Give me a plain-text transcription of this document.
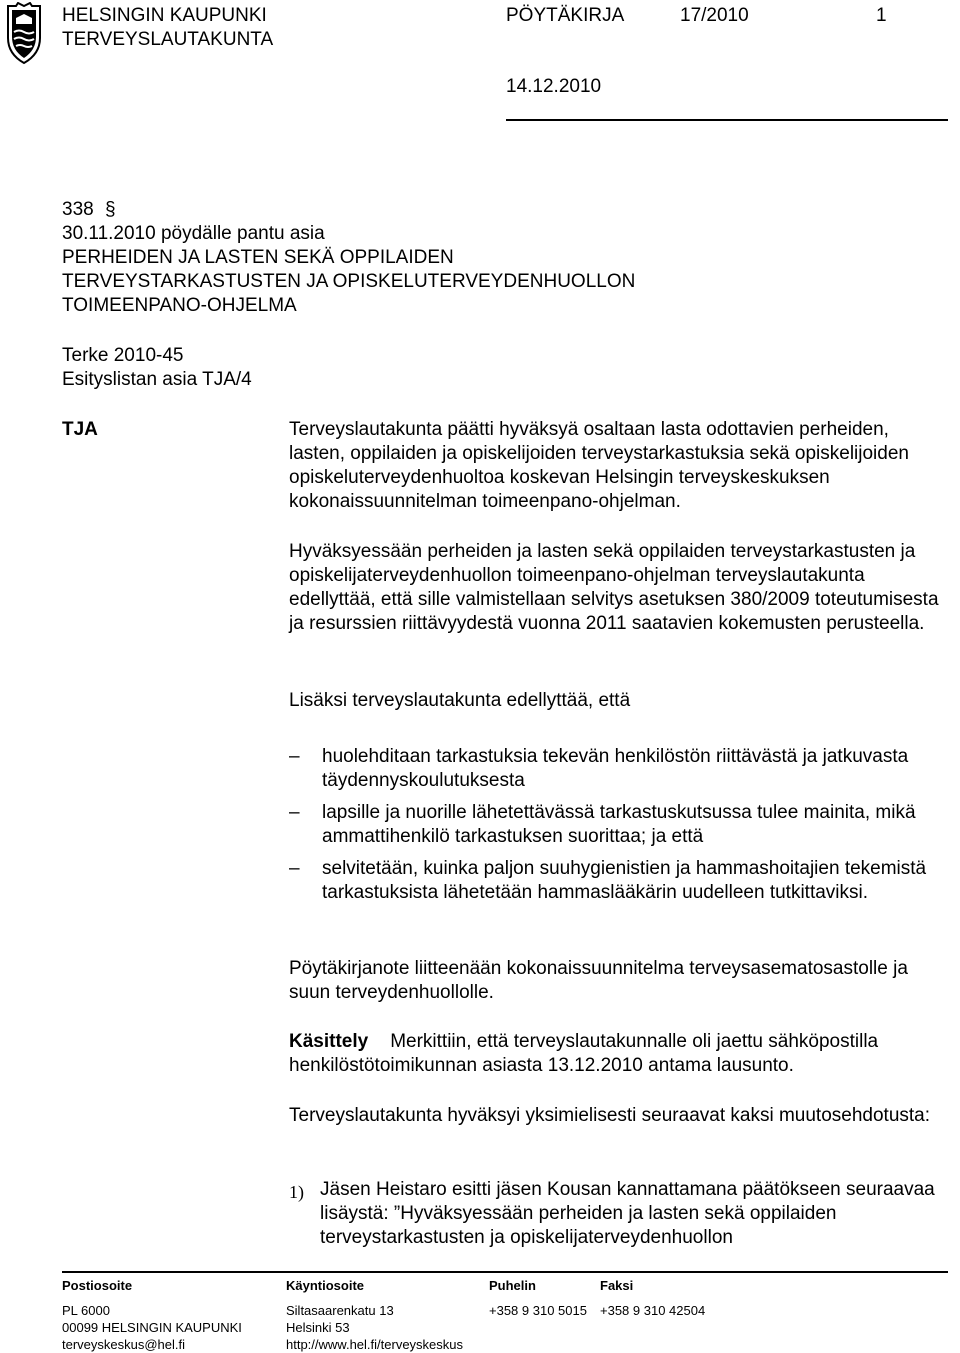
HELSINGIN KAUPUNKI
TERVEYSLAUTAKUNTA
PÖYTÄKIRJA	17/2010	1
14.12.2010
338 §
30.11.2010 pöydälle pantu asia
PERHEIDEN JA LASTEN SEKÄ OPPILAIDEN
TERVEYSTARKASTUSTEN JA OPISKELUTERVEYDENHUOLLON
TOIMEENPANO-OHJELMA
Terke 2010-45
Esityslistan asia TJA/4
TJA	Terveyslautakunta päätti hyväksyä osaltaan lasta odottavien perheiden, lasten, oppilaiden ja opiskelijoiden terveystarkastuksia sekä opiskelijoiden opiskeluterveydenhuoltoa koskevan Helsingin terveyskeskuksen kokonaissuunnitelman toimeenpano-ohjelman.
Hyväksyessään perheiden ja lasten sekä oppilaiden terveystarkastusten ja opiskelijaterveydenhuollon toimeenpano-ohjelman terveyslautakunta edellyttää, että sille valmistellaan selvitys asetuksen 380/2009 toteutumisesta ja resurssien riittävyydestä vuonna 2011 saatavien kokemusten perusteella.
Lisäksi terveyslautakunta edellyttää, että
–	huolehditaan tarkastuksia tekevän henkilöstön riittävästä ja jatkuvasta täydennyskoulutuksesta
–	lapsille ja nuorille lähetettävässä tarkastuskutsussa tulee mainita, mikä ammattihenkilö tarkastuksen suorittaa; ja että
–	selvitetään, kuinka paljon suuhygienistien ja hammashoitajien tekemistä tarkastuksista lähetetään hammaslääkärin uudelleen tutkittaviksi.
Pöytäkirjanote liitteenään kokonaissuunnitelma terveysasematosastolle ja suun terveydenhuollolle.
Käsittely Merkittiin, että terveyslautakunnalle oli jaettu sähköpostilla henkilöstötoimikunnan asiasta 13.12.2010 antama lausunto.
Terveyslautakunta hyväksyi yksimielisesti seuraavat kaksi muutosehdotusta:
1) Jäsen Heistaro esitti jäsen Kousan kannattamana päätökseen seuraavaa lisäystä: ”Hyväksyessään perheiden ja lasten sekä oppilaiden terveystarkastusten ja opiskelijaterveydenhuollon
Postiosoite
PL 6000
00099 HELSINGIN KAUPUNKI
terveyskeskus@hel.fi
Käyntiosoite
Siltasaarenkatu 13
Helsinki 53
http://www.hel.fi/terveyskeskus
Puhelin
+358 9 310 5015
Faksi
+358 9 310 42504
